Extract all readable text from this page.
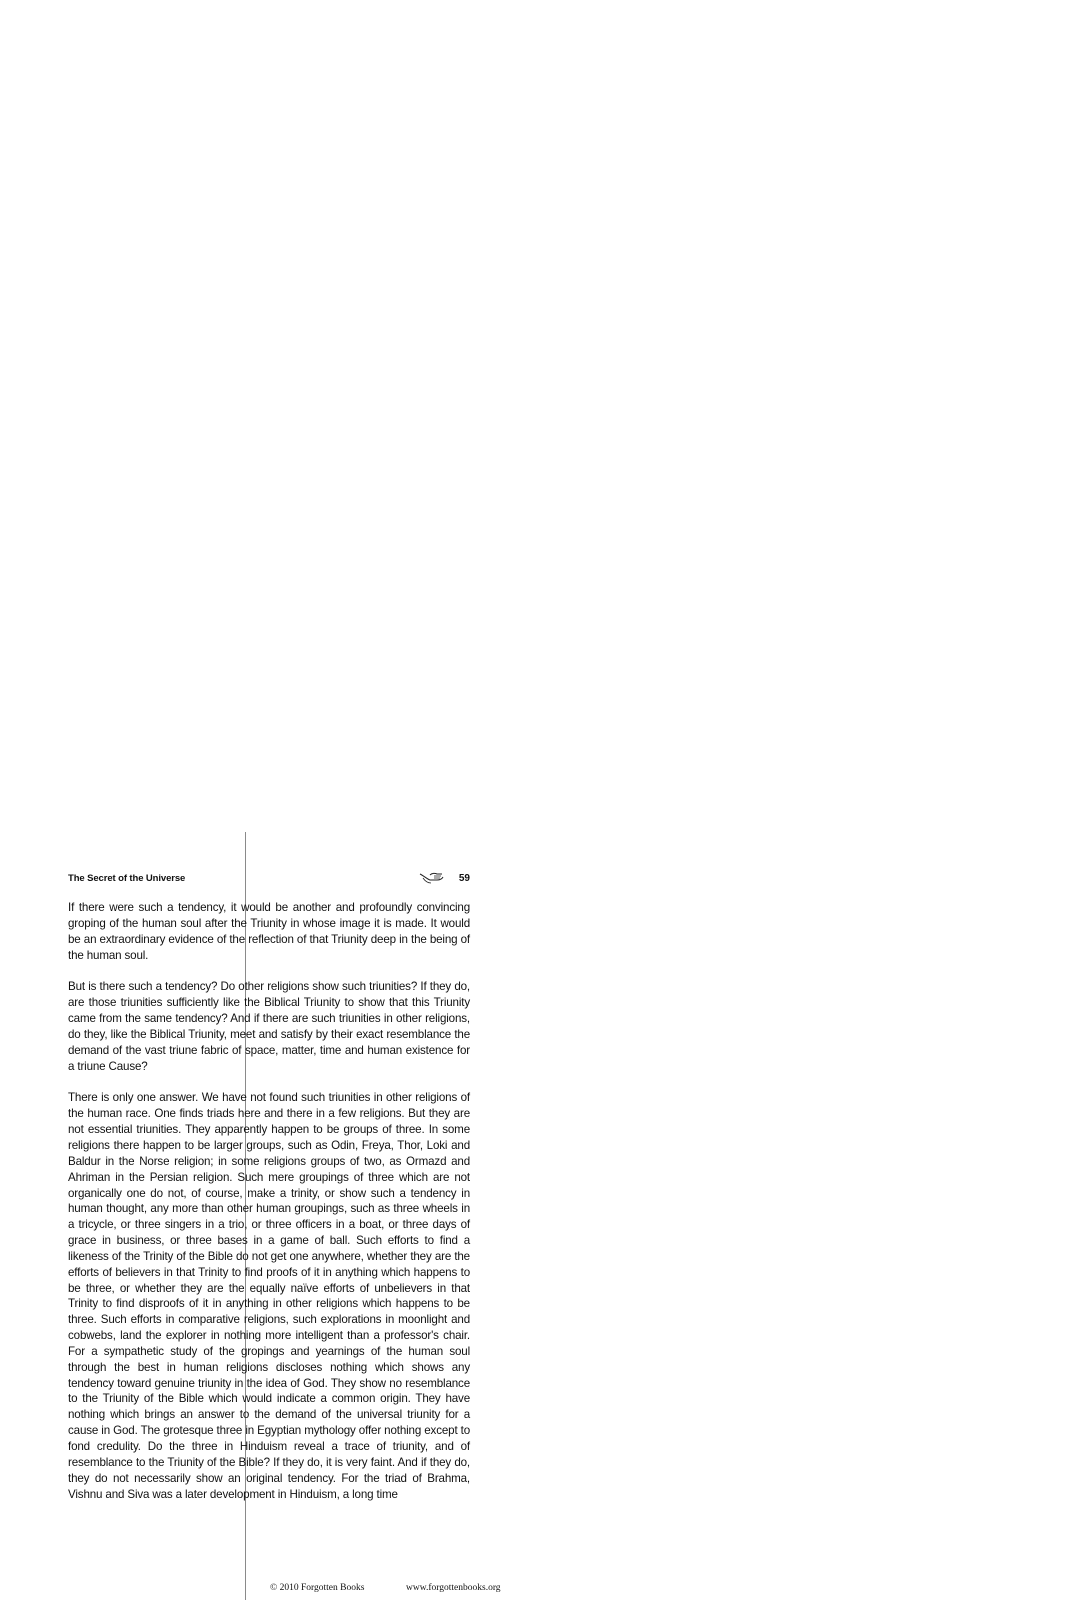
The Secret of the Universe	59

If there were such a tendency, it would be another and profoundly convincing groping of the human soul after the Triunity in whose image it is made. It would be an extraordinary evidence of the reflection of that Triunity deep in the being of the human soul.

But is there such a tendency? Do other religions show such triunities? If they do, are those triunities sufficiently like the Biblical Triunity to show that this Triunity came from the same tendency? And if there are such triunities in other religions, do they, like the Biblical Triunity, meet and satisfy by their exact resemblance the demand of the vast triune fabric of space, matter, time and human existence for a triune Cause?

There is only one answer. We have not found such triunities in other religions of the human race. One finds triads here and there in a few religions. But they are not essential triunities. They apparently happen to be groups of three. In some religions there happen to be larger groups, such as Odin, Freya, Thor, Loki and Baldur in the Norse religion; in some religions groups of two, as Ormazd and Ahriman in the Persian religion. Such mere groupings of three which are not organically one do not, of course, make a trinity, or show such a tendency in human thought, any more than other human groupings, such as three wheels in a tricycle, or three singers in a trio, or three officers in a boat, or three days of grace in business, or three bases in a game of ball. Such efforts to find a likeness of the Trinity of the Bible do not get one anywhere, whether they are the efforts of believers in that Trinity to find proofs of it in anything which happens to be three, or whether they are the equally naïve efforts of unbelievers in that Trinity to find disproofs of it in anything in other religions which happens to be three. Such efforts in comparative religions, such explorations in moonlight and cobwebs, land the explorer in nothing more intelligent than a professor's chair. For a sympathetic study of the gropings and yearnings of the human soul through the best in human religions discloses nothing which shows any tendency toward genuine triunity in the idea of God. They show no resemblance to the Triunity of the Bible which would indicate a common origin. They have nothing which brings an answer to the demand of the universal triunity for a cause in God. The grotesque three in Egyptian mythology offer nothing except to fond credulity. Do the three in Hinduism reveal a trace of triunity, and of resemblance to the Triunity of the Bible? If they do, it is very faint. And if they do, they do not necessarily show an original tendency. For the triad of Brahma, Vishnu and Siva was a later development in Hinduism, a long time

© 2010 Forgotten Books	www.forgottenbooks.org
